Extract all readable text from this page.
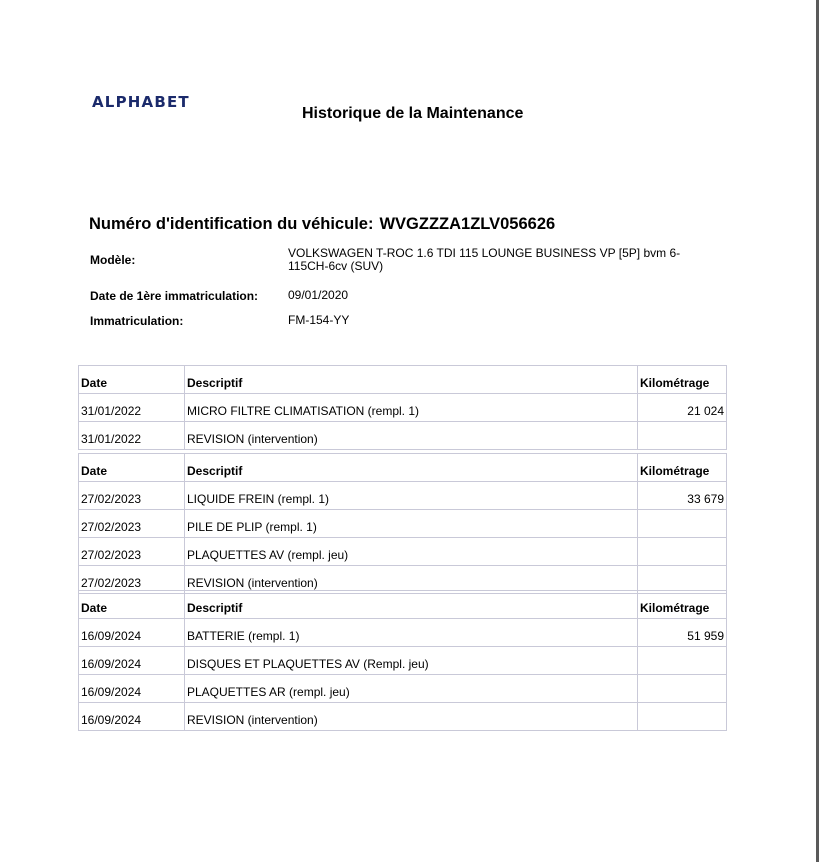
ALPHABET
Historique de la Maintenance
Numéro d'identification du véhicule: WVGZZZA1ZLV056626
Modèle:	VOLKSWAGEN T-ROC 1.6 TDI 115 LOUNGE BUSINESS VP [5P] bvm 6-115CH-6cv (SUV)
Date de 1ère immatriculation: 09/01/2020
Immatriculation:	FM-154-YY
Date	Descriptif	Kilométrage
31/01/2022	MICRO FILTRE CLIMATISATION (rempl. 1)	21 024
31/01/2022	REVISION (intervention)	
Date	Descriptif	Kilométrage
27/02/2023	LIQUIDE FREIN (rempl. 1)	33 679
27/02/2023	PILE DE PLIP (rempl. 1)	
27/02/2023	PLAQUETTES AV (rempl. jeu)	
27/02/2023	REVISION (intervention)	
Date	Descriptif	Kilométrage
16/09/2024	BATTERIE (rempl. 1)	51 959
16/09/2024	DISQUES ET PLAQUETTES AV (Rempl. jeu)	
16/09/2024	PLAQUETTES AR (rempl. jeu)	
16/09/2024	REVISION (intervention)	
